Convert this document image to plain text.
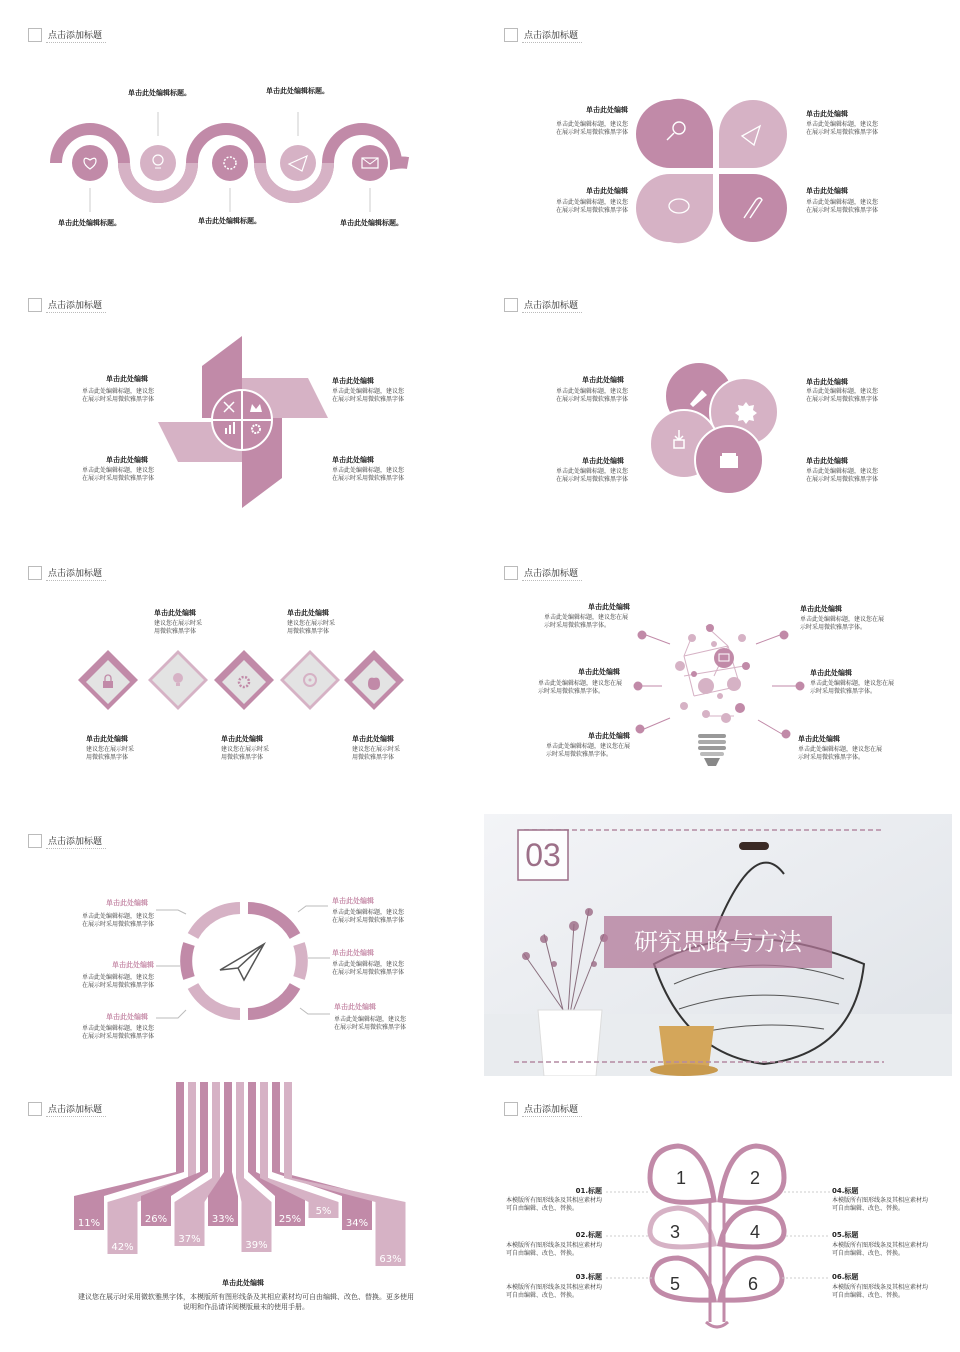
点击添加标题
单击此处编辑标题。	单击此处编辑标题。
单击此处编辑标题。	单击此处编辑标题。	单击此处编辑标题。
点击添加标题
单击此处编辑
单击此处编辑标题，建议您在展示时采用微软雅黑字体
单击此处编辑
单击此处编辑标题，建议您在展示时采用微软雅黑字体
单击此处编辑
单击此处编辑标题，建议您在展示时采用微软雅黑字体
单击此处编辑
单击此处编辑标题，建议您在展示时采用微软雅黑字体
点击添加标题
单击此处编辑
单击此处编辑标题，建议您在展示时采用微软雅黑字体
单击此处编辑
单击此处编辑标题，建议您在展示时采用微软雅黑字体
单击此处编辑
单击此处编辑标题，建议您在展示时采用微软雅黑字体
单击此处编辑
单击此处编辑标题，建议您在展示时采用微软雅黑字体
点击添加标题
单击此处编辑
单击此处编辑标题，建议您在展示时采用微软雅黑字体
单击此处编辑
单击此处编辑标题，建议您在展示时采用微软雅黑字体
单击此处编辑
单击此处编辑标题，建议您在展示时采用微软雅黑字体
单击此处编辑
单击此处编辑标题，建议您在展示时采用微软雅黑字体
点击添加标题
单击此处编辑
建议您在展示时采用微软雅黑字体
单击此处编辑
建议您在展示时采用微软雅黑字体
单击此处编辑
建议您在展示时采用微软雅黑字体
单击此处编辑
建议您在展示时采用微软雅黑字体
单击此处编辑
建议您在展示时采用微软雅黑字体
点击添加标题
单击此处编辑
单击此处编辑标题，建议您在展示时采用微软雅黑字体。
单击此处编辑
单击此处编辑标题，建议您在展示时采用微软雅黑字体。
单击此处编辑
单击此处编辑标题，建议您在展示时采用微软雅黑字体。
单击此处编辑
单击此处编辑标题，建议您在展示时采用微软雅黑字体。
单击此处编辑
单击此处编辑标题，建议您在展示时采用微软雅黑字体。
单击此处编辑
单击此处编辑标题，建议您在展示时采用微软雅黑字体。
点击添加标题
单击此处编辑
单击此处编辑标题，建议您在展示时采用微软雅黑字体
单击此处编辑
单击此处编辑标题，建议您在展示时采用微软雅黑字体
单击此处编辑
单击此处编辑标题，建议您在展示时采用微软雅黑字体
单击此处编辑
单击此处编辑标题，建议您在展示时采用微软雅黑字体
单击此处编辑
单击此处编辑标题，建议您在展示时采用微软雅黑字体
单击此处编辑
单击此处编辑标题，建议您在展示时采用微软雅黑字体
03
研究思路与方法
点击添加标题
11%
42%
26%
37%
33%
39%
25%
5%
34%
63%
单击此处编辑
建议您在展示时采用微软雅黑字体，本模版所有图形线条及其相应素材均可自由编辑、改色、替换。更多使用说明和作品请详阅模版最末的使用手册。
点击添加标题
1	2
3	4
5	6
01.标题
本模版所有图形线条及其相应素材均可自由编辑、改色、替换。
02.标题
本模版所有图形线条及其相应素材均可自由编辑、改色、替换。
03.标题
本模版所有图形线条及其相应素材均可自由编辑、改色、替换。
04.标题
本模版所有图形线条及其相应素材均可自由编辑、改色、替换。
05.标题
本模版所有图形线条及其相应素材均可自由编辑、改色、替换。
06.标题
本模版所有图形线条及其相应素材均可自由编辑、改色、替换。
